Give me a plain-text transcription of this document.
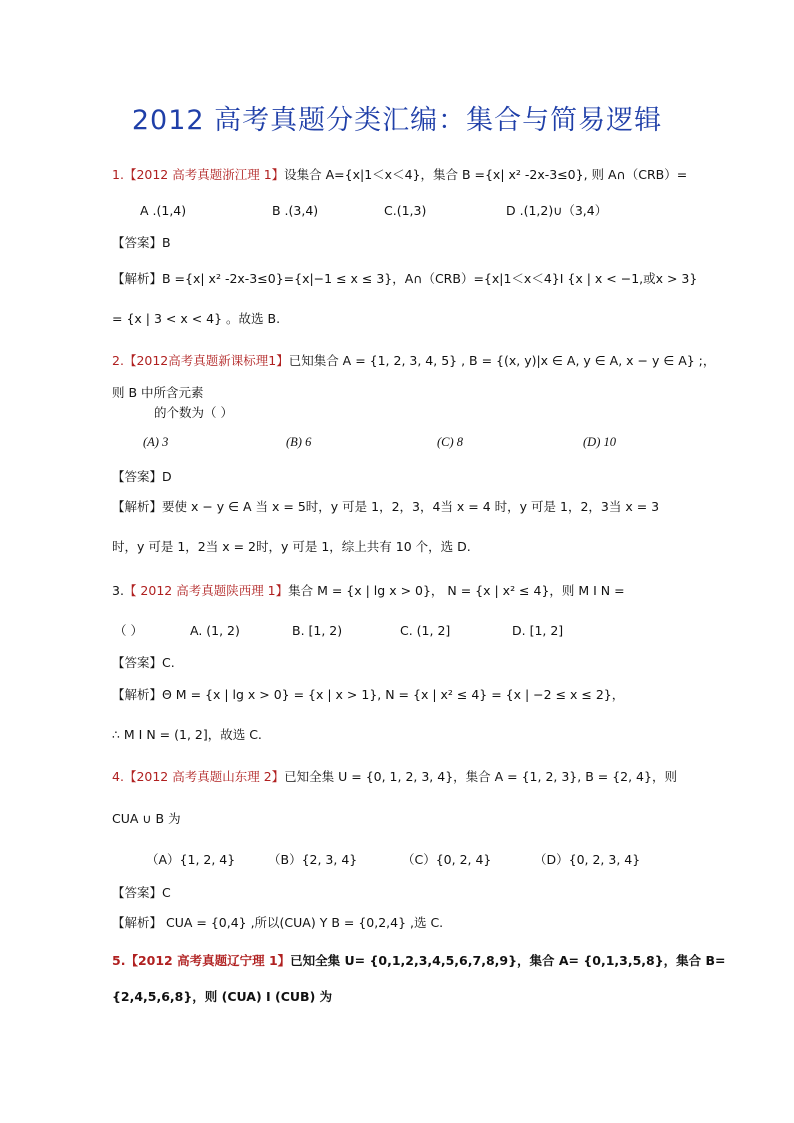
2012 高考真题分类汇编：集合与简易逻辑
1.【2012 高考真题浙江理 1】设集合 A={x|1＜x＜4}，集合 B ={x| x² -2x-3≤0}, 则 A∩（CRB）=
A .(1,4)	B .(3,4)	C.(1,3)	D .(1,2)∪（3,4）
【答案】B
【解析】B ={x| x² -2x-3≤0}={x|−1 ≤ x ≤ 3}，A∩（CRB）={x|1＜x＜4}I {x | x < −1,或x > 3}
= {x | 3 < x < 4} 。故选 B.
2.【2012高考真题新课标理1】已知集合 A = {1, 2, 3, 4, 5} , B = {(x, y)|x ∈ A, y ∈ A, x − y ∈ A} ;，
则 B 中所含元素
的个数为（ ）
(A) 3	(B) 6	(C) 8	(D) 10
【答案】D
【解析】要使 x − y ∈ A 当 x = 5时，y 可是 1，2，3，4当 x = 4 时，y 可是 1，2，3当 x = 3
时，y 可是 1，2当 x = 2时，y 可是 1，综上共有 10 个，选 D.
3.【 2012 高考真题陕西理 1】集合 M = {x | lg x > 0}， N = {x | x² ≤ 4}，则 M I N =
（ ）	A. (1, 2)	B. [1, 2)	C. (1, 2]	D. [1, 2]
【答案】C.
【解析】Θ M = {x | lg x > 0} = {x | x > 1}, N = {x | x² ≤ 4} = {x | −2 ≤ x ≤ 2}，
∴ M I N = (1, 2]，故选 C.
4.【2012 高考真题山东理 2】已知全集 U = {0, 1, 2, 3, 4}，集合 A = {1, 2, 3}, B = {2, 4}，则
CUA ∪ B 为
（A）{1, 2, 4}	（B）{2, 3, 4}	（C）{0, 2, 4}	（D）{0, 2, 3, 4}
【答案】C
【解析】 CUA = {0,4} ,所以(CUA) Y B = {0,2,4} ,选 C.
5.【2012 高考真题辽宁理 1】已知全集 U= {0,1,2,3,4,5,6,7,8,9}，集合 A= {0,1,3,5,8}，集合 B=
{2,4,5,6,8}，则 (CUA) I (CUB) 为
